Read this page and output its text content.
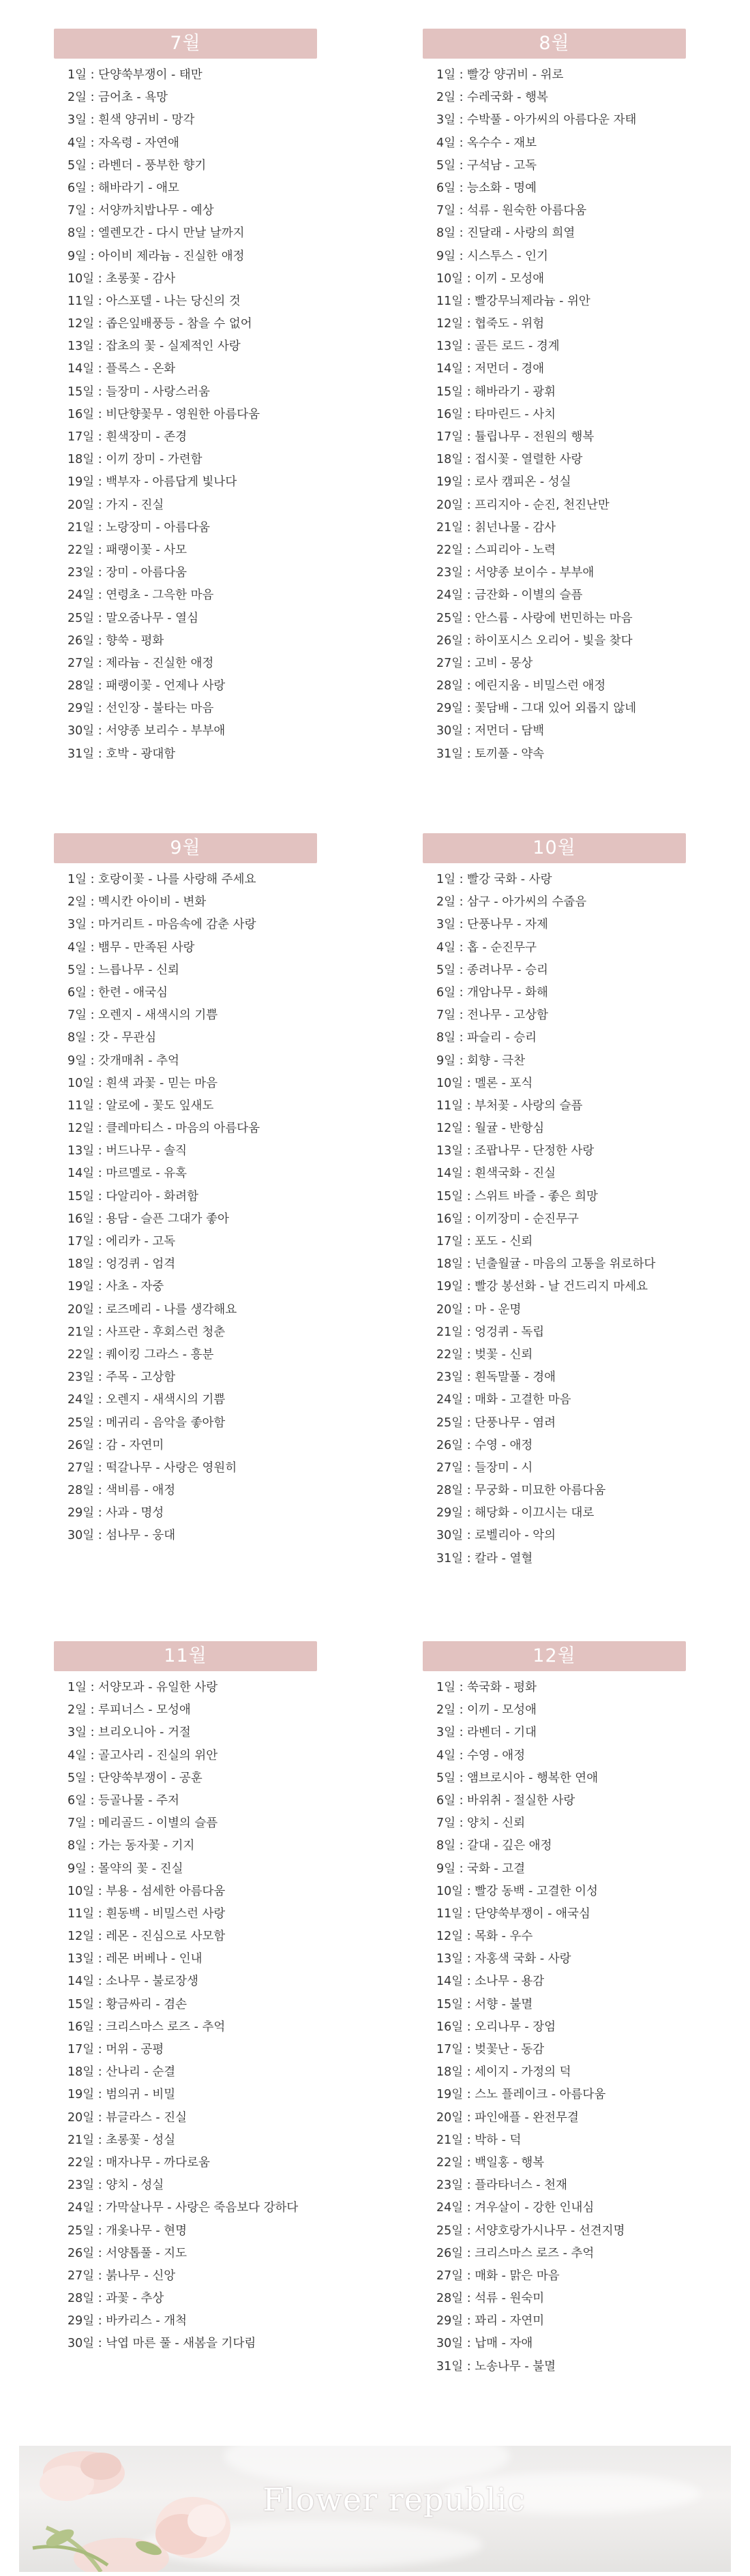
7월
1일 : 단양쑥부쟁이 - 태만
2일 : 금어초 - 욕망
3일 : 흰색 양귀비 - 망각
4일 : 자옥령 - 자연애
5일 : 라벤더 - 풍부한 향기
6일 : 해바라기 - 애모
7일 : 서양까치밥나무 - 예상
8일 : 엘렌모간 - 다시 만날 날까지
9일 : 아이비 제라늄 - 진실한 애정
10일 : 초롱꽃 - 감사
11일 : 아스포델 - 나는 당신의 것
12일 : 좁은잎배풍등 - 참을 수 없어
13일 : 잡초의 꽃 - 실제적인 사랑
14일 : 플록스 - 온화
15일 : 들장미 - 사랑스러움
16일 : 비단향꽃무 - 영원한 아름다움
17일 : 흰색장미 - 존경
18일 : 이끼 장미 - 가련함
19일 : 백부자 - 아름답게 빛나다
20일 : 가지 - 진실
21일 : 노랑장미 - 아름다움
22일 : 패랭이꽃 - 사모
23일 : 장미 - 아름다움
24일 : 연령초 - 그윽한 마음
25일 : 말오줌나무 - 열심
26일 : 향쑥 - 평화
27일 : 제라늄 - 진실한 애정
28일 : 패랭이꽃 - 언제나 사랑
29일 : 선인장 - 불타는 마음
30일 : 서양종 보리수 - 부부애
31일 : 호박 - 광대함
8월
1일 : 빨강 양귀비 - 위로
2일 : 수레국화 - 행복
3일 : 수박풀 - 아가씨의 아름다운 자태
4일 : 옥수수 - 재보
5일 : 구석남 - 고독
6일 : 능소화 - 명예
7일 : 석류 - 원숙한 아름다움
8일 : 진달래 - 사랑의 희열
9일 : 시스투스 - 인기
10일 : 이끼 - 모성애
11일 : 빨강무늬제라늄 - 위안
12일 : 협죽도 - 위험
13일 : 골든 로드 - 경계
14일 : 저먼더 - 경애
15일 : 해바라기 - 광휘
16일 : 타마린드 - 사치
17일 : 튤립나무 - 전원의 행복
18일 : 접시꽃 - 열렬한 사랑
19일 : 로사 캠피온 - 성실
20일 : 프리지아 - 순진, 천진난만
21일 : 칡넌나물 - 감사
22일 : 스피리아 - 노력
23일 : 서양종 보이수 - 부부애
24일 : 금잔화 - 이별의 슬픔
25일 : 안스륨 - 사랑에 번민하는 마음
26일 : 하이포시스 오리어 - 빛을 찾다
27일 : 고비 - 몽상
28일 : 에린지움 - 비밀스런 애정
29일 : 꽃담배 - 그대 있어 외롭지 않네
30일 : 저먼더 - 담백
31일 : 토끼풀 - 약속
9월
1일 : 호랑이꽃 - 나를 사랑해 주세요
2일 : 멕시칸 아이비 - 변화
3일 : 마거리트 - 마음속에 감춘 사랑
4일 : 뱀무 - 만족된 사랑
5일 : 느릅나무 - 신뢰
6일 : 한련 - 애국심
7일 : 오렌지 - 새색시의 기쁨
8일 : 갓 - 무관심
9일 : 갓개매취 - 추억
10일 : 흰색 과꽃 - 믿는 마음
11일 : 알로에 - 꽃도 잎새도
12일 : 클레마티스 - 마음의 아름다움
13일 : 버드나무 - 솔직
14일 : 마르멜로 - 유혹
15일 : 다알리아 - 화려함
16일 : 용담 - 슬픈 그대가 좋아
17일 : 에리카 - 고독
18일 : 엉겅퀴 - 엄격
19일 : 사초 - 자중
20일 : 로즈메리 - 나를 생각해요
21일 : 사프란 - 후회스런 청춘
22일 : 퀘이킹 그라스 - 흥분
23일 : 주목 - 고상함
24일 : 오렌지 - 새색시의 기쁨
25일 : 메귀리 - 음악을 좋아함
26일 : 감 - 자연미
27일 : 떡갈나무 - 사랑은 영원히
28일 : 색비름 - 애정
29일 : 사과 - 명성
30일 : 섬나무 - 웅대
10월
1일 : 빨강 국화 - 사랑
2일 : 삼구 - 아가씨의 수줍음
3일 : 단풍나무 - 자제
4일 : 홉 - 순진무구
5일 : 종려나무 - 승리
6일 : 개암나무 - 화해
7일 : 전나무 - 고상함
8일 : 파슬리 - 승리
9일 : 회향 - 극찬
10일 : 멜론 - 포식
11일 : 부처꽃 - 사랑의 슬픔
12일 : 월귤 - 반항심
13일 : 조팝나무 - 단정한 사랑
14일 : 흰색국화 - 진실
15일 : 스위트 바즐 - 좋은 희망
16일 : 이끼장미 - 순진무구
17일 : 포도 - 신뢰
18일 : 넌출월귤 - 마음의 고통을 위로하다
19일 : 빨강 봉선화 - 날 건드리지 마세요
20일 : 마 - 운명
21일 : 엉겅퀴 - 독립
22일 : 벚꽃 - 신뢰
23일 : 흰독말풀 - 경애
24일 : 매화 - 고결한 마음
25일 : 단풍나무 - 염려
26일 : 수영 - 애정
27일 : 들장미 - 시
28일 : 무궁화 - 미묘한 아름다움
29일 : 해당화 - 이끄시는 대로
30일 : 로벨리아 - 악의
31일 : 칼라 - 열혈
11월
1일 : 서양모과 - 유일한 사랑
2일 : 루피너스 - 모성애
3일 : 브리오니아 - 거절
4일 : 골고사리 - 진실의 위안
5일 : 단양쑥부쟁이 - 공훈
6일 : 등골나물 - 주저
7일 : 메리골드 - 이별의 슬픔
8일 : 가는 동자꽃 - 기지
9일 : 몰약의 꽃 - 진실
10일 : 부용 - 섬세한 아름다움
11일 : 흰동백 - 비밀스런 사랑
12일 : 레몬 - 진심으로 사모함
13일 : 레몬 버베나 - 인내
14일 : 소나무 - 불로장생
15일 : 황금싸리 - 겸손
16일 : 크리스마스 로즈 - 추억
17일 : 머위 - 공평
18일 : 산나리 - 순결
19일 : 범의귀 - 비밀
20일 : 뷰글라스 - 진실
21일 : 초롱꽃 - 성실
22일 : 매자나무 - 까다로움
23일 : 양치 - 성실
24일 : 가막살나무 - 사랑은 죽음보다 강하다
25일 : 개옻나무 - 현명
26일 : 서양톱풀 - 지도
27일 : 붉나무 - 신앙
28일 : 과꽃 - 추상
29일 : 바카리스 - 개척
30일 : 낙엽 마른 풀 - 새봄을 기다림
12월
1일 : 쑥국화 - 평화
2일 : 이끼 - 모성애
3일 : 라벤더 - 기대
4일 : 수영 - 애정
5일 : 앰브로시아 - 행복한 연애
6일 : 바위취 - 절실한 사랑
7일 : 양치 - 신뢰
8일 : 갈대 - 깊은 애정
9일 : 국화 - 고결
10일 : 빨강 동백 - 고결한 이성
11일 : 단양쑥부쟁이 - 애국심
12일 : 목화 - 우수
13일 : 자홍색 국화 - 사랑
14일 : 소나무 - 용감
15일 : 서향 - 불멸
16일 : 오리나무 - 장엄
17일 : 벚꽃난 - 동감
18일 : 세이지 - 가정의 덕
19일 : 스노 플레이크 - 아름다움
20일 : 파인애플 - 완전무결
21일 : 박하 - 덕
22일 : 백일홍 - 행복
23일 : 플라타너스 - 천재
24일 : 겨우살이 - 강한 인내심
25일 : 서양호랑가시나무 - 선견지명
26일 : 크리스마스 로즈 - 추억
27일 : 매화 - 맑은 마음
28일 : 석류 - 원숙미
29일 : 꽈리 - 자연미
30일 : 납매 - 자애
31일 : 노송나무 - 불멸
Flower republic
